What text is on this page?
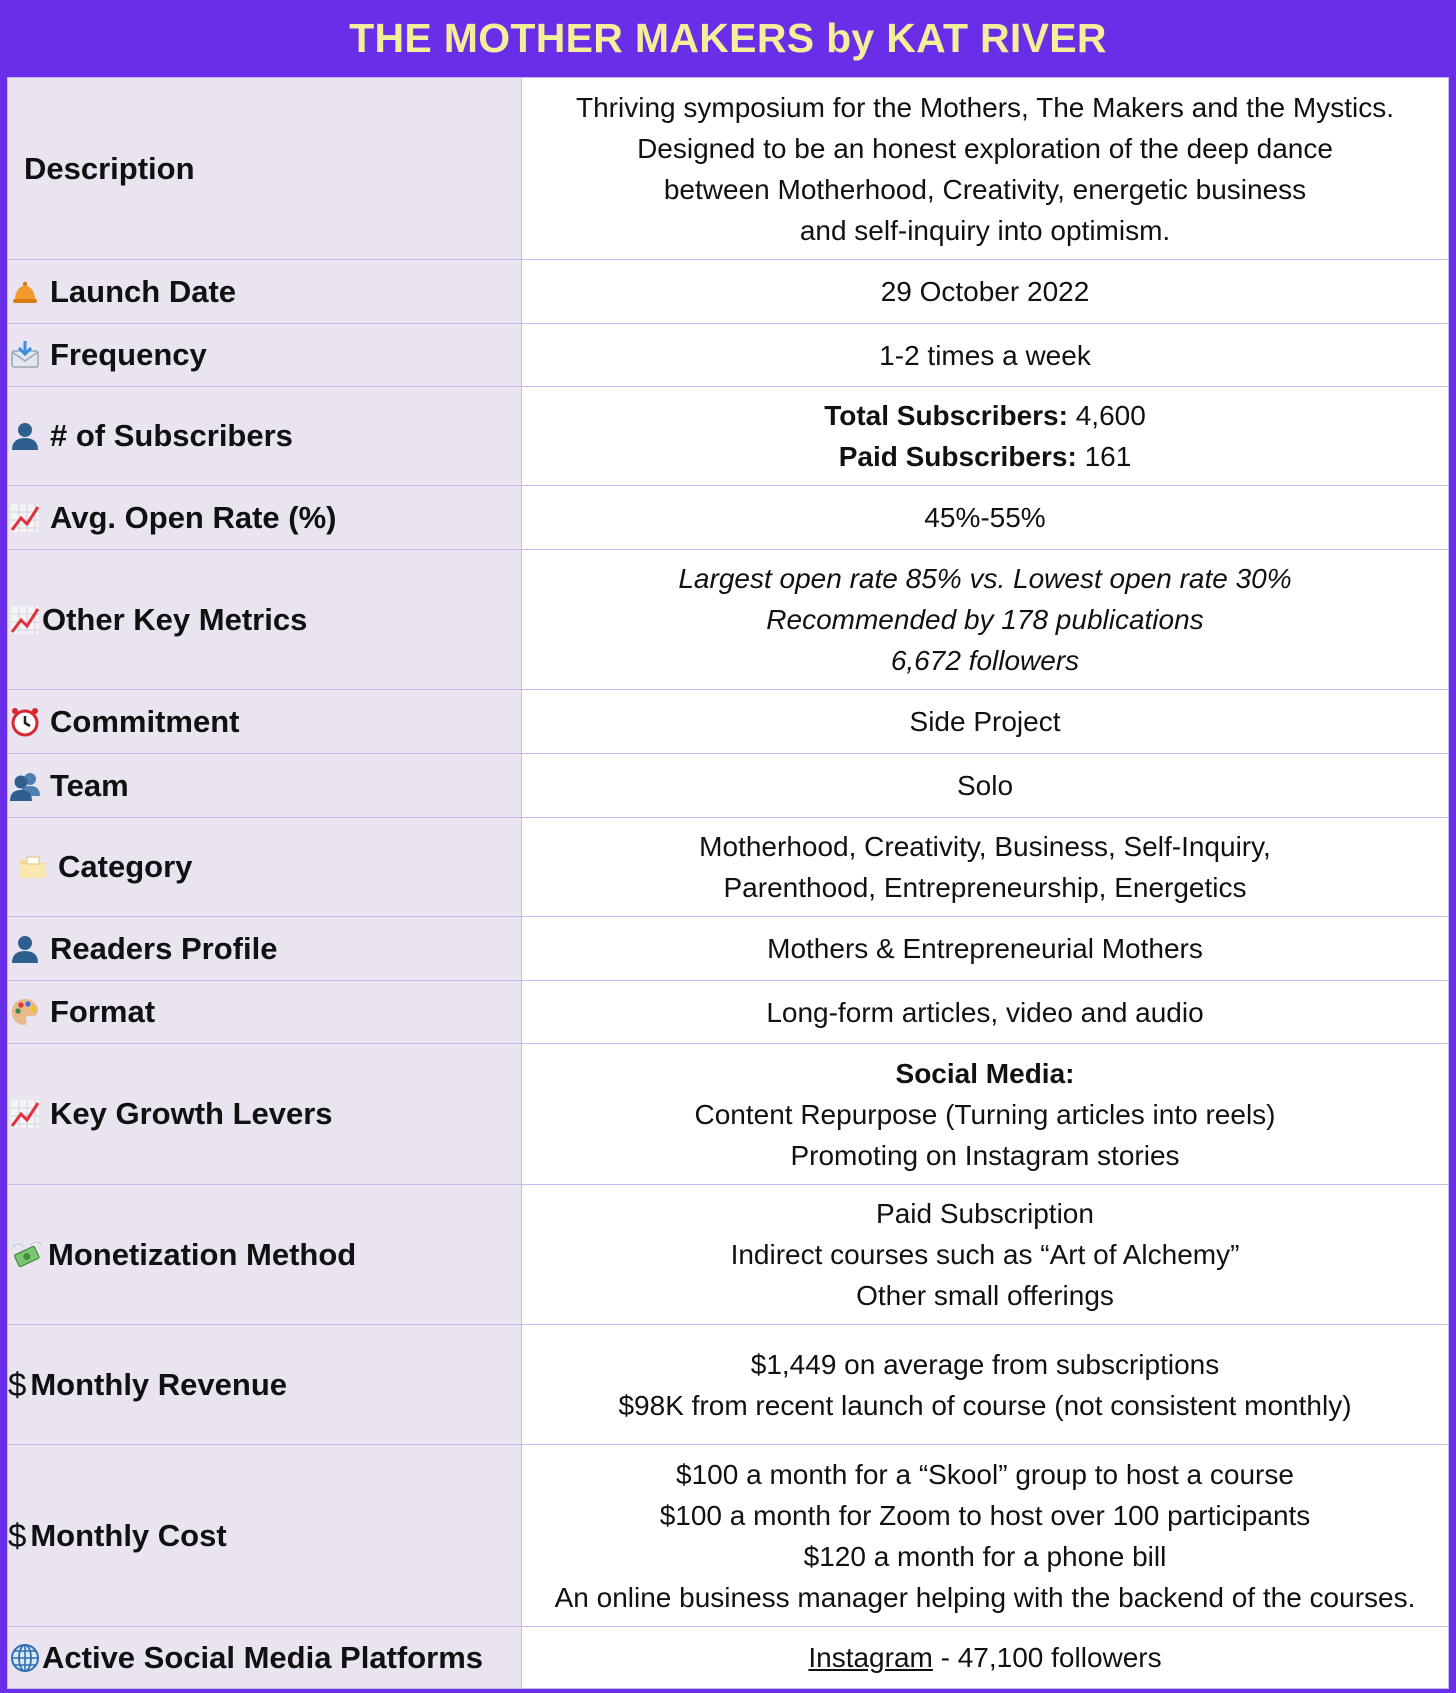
THE MOTHER MAKERS by KAT RIVER
Description	Thriving symposium for the Mothers, The Makers and the Mystics.
Designed to be an honest exploration of the deep dance
between Motherhood, Creativity, energetic business
and self-inquiry into optimism.

Launch Date	29 October 2022

Frequency	1-2 times a week

# of Subscribers	Total Subscribers: 4,600
Paid Subscribers: 161

Avg. Open Rate (%)	45%-55%

Other Key Metrics	Largest open rate 85% vs. Lowest open rate 30%
Recommended by 178 publications
6,672 followers

Commitment	Side Project

Team	Solo

Category	Motherhood, Creativity, Business, Self-Inquiry,
Parenthood, Entrepreneurship, Energetics

Readers Profile	Mothers & Entrepreneurial Mothers

Format	Long-form articles, video and audio

Key Growth Levers	Social Media:
Content Repurpose (Turning articles into reels)
Promoting on Instagram stories

Monetization Method	Paid Subscription
Indirect courses such as “Art of Alchemy”
Other small offerings

$ Monthly Revenue	$1,449 on average from subscriptions
$98K from recent launch of course (not consistent monthly)

$ Monthly Cost	$100 a month for a “Skool” group to host a course
$100 a month for Zoom to host over 100 participants
$120 a month for a phone bill
An online business manager helping with the backend of the courses.

Active Social Media Platforms	Instagram - 47,100 followers
